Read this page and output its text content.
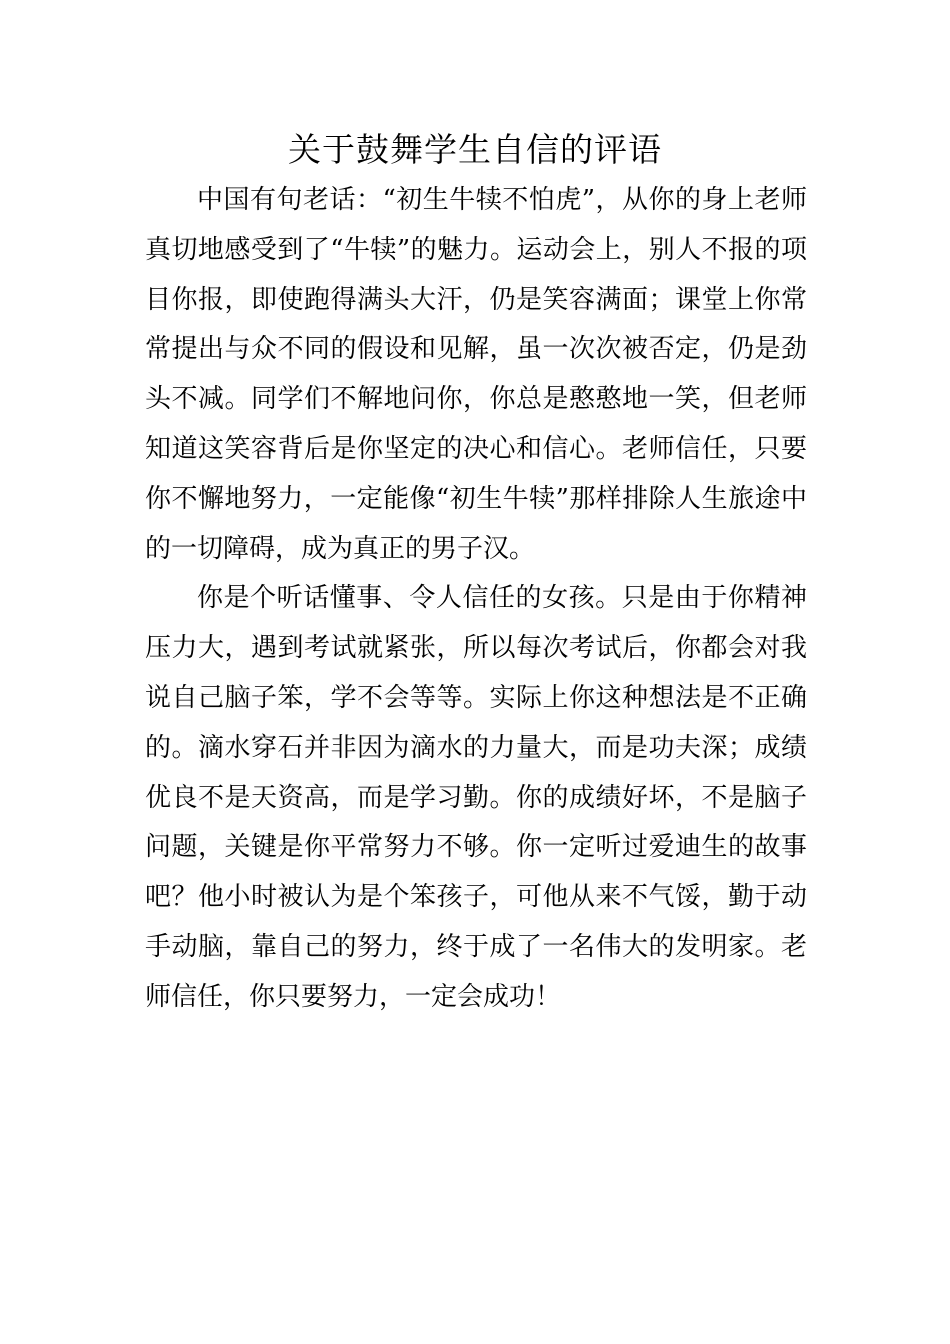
关于鼓舞学生自信的评语

中国有句老话：“初生牛犊不怕虎”，从你的身上老师真切地感受到了“牛犊”的魅力。运动会上，别人不报的项目你报，即使跑得满头大汗，仍是笑容满面；课堂上你常常提出与众不同的假设和见解，虽一次次被否定，仍是劲头不减。同学们不解地问你，你总是憨憨地一笑，但老师知道这笑容背后是你坚定的决心和信心。老师信任，只要你不懈地努力，一定能像“初生牛犊”那样排除人生旅途中的一切障碍，成为真正的男子汉。

你是个听话懂事、令人信任的女孩。只是由于你精神压力大，遇到考试就紧张，所以每次考试后，你都会对我说自己脑子笨，学不会等等。实际上你这种想法是不正确的。滴水穿石并非因为滴水的力量大，而是功夫深；成绩优良不是天资高，而是学习勤。你的成绩好坏，不是脑子问题，关键是你平常努力不够。你一定听过爱迪生的故事吧？他小时被认为是个笨孩子，可他从来不气馁，勤于动手动脑，靠自己的努力，终于成了一名伟大的发明家。老师信任，你只要努力，一定会成功！
